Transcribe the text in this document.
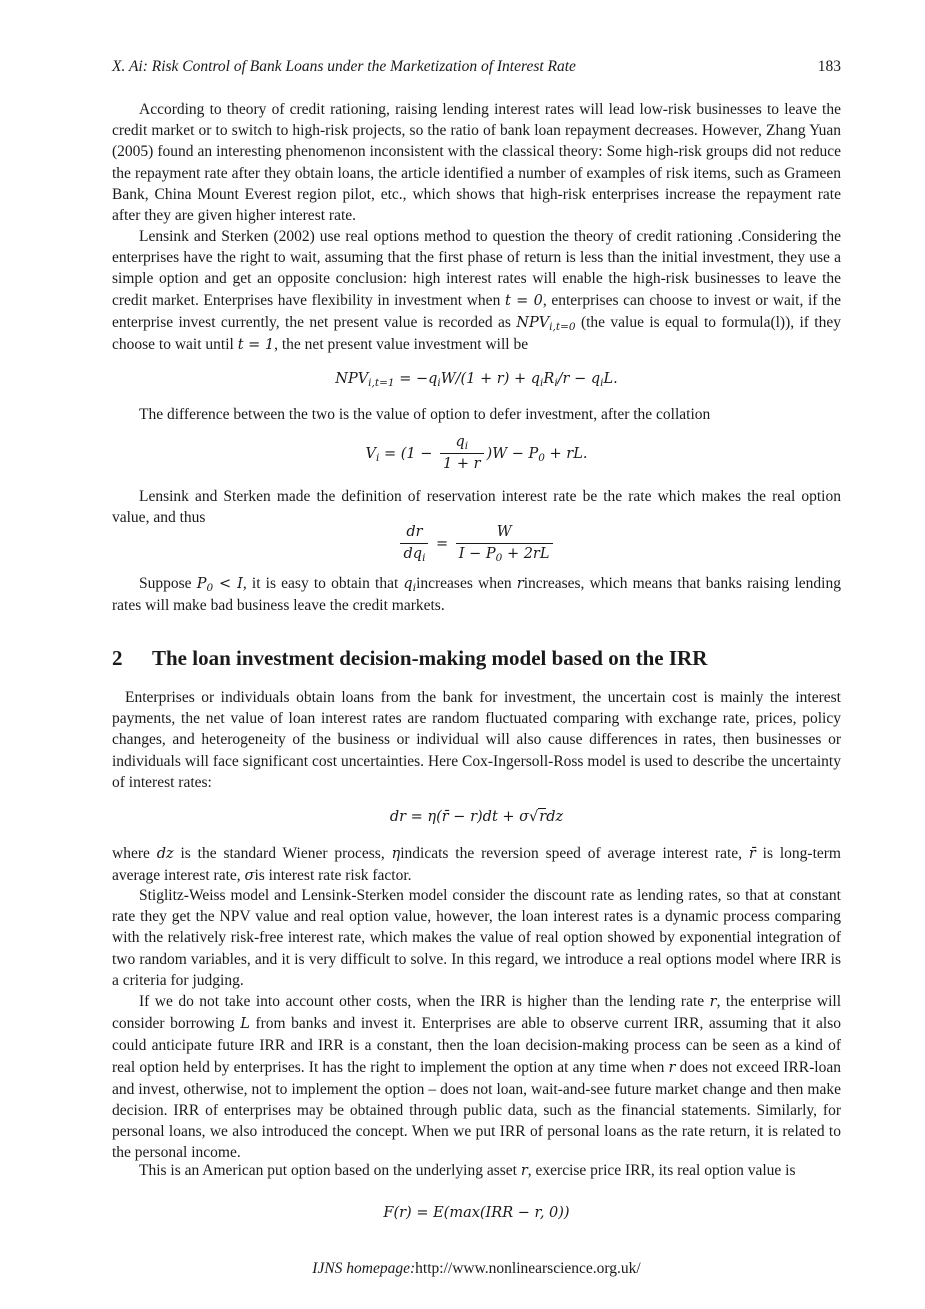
X. Ai: Risk Control of Bank Loans under the Marketization of Interest Rate	183

According to theory of credit rationing, raising lending interest rates will lead low-risk businesses to leave the credit market or to switch to high-risk projects, so the ratio of bank loan repayment decreases. However, Zhang Yuan (2005) found an interesting phenomenon inconsistent with the classical theory: Some high-risk groups did not reduce the repayment rate after they obtain loans, the article identified a number of examples of risk items, such as Grameen Bank, China Mount Everest region pilot, etc., which shows that high-risk enterprises increase the repayment rate after they are given higher interest rate.

Lensink and Sterken (2002) use real options method to question the theory of credit rationing .Considering the enterprises have the right to wait, assuming that the first phase of return is less than the initial investment, they use a simple option and get an opposite conclusion: high interest rates will enable the high-risk businesses to leave the credit market. Enterprises have flexibility in investment when t = 0, enterprises can choose to invest or wait, if the enterprise invest currently, the net present value is recorded as $NPV_{i,t=0}$ (the value is equal to formula(l)), if they choose to wait until t = 1, the net present value investment will be

$NPV_{i,t=1} = -q_iW/(1 + r) + q_iR_i/r - q_iL$.

The difference between the two is the value of option to defer investment, after the collation

$V_i = (1 - \frac{q_i}{1 + r} )W - P_0$ + rL.

Lensink and Sterken made the definition of reservation interest rate be the rate which makes the real option value, and thus

$\frac{dr}{dq_i} = \frac{W}{I - P_0 + 2rL}$

Suppose $P_0 < I$, it is easy to obtain that $q_iincreases$ when rincreases, which means that banks raising lending rates will make bad business leave the credit markets.

2 The loan investment decision-making model based on the IRR

Enterprises or individuals obtain loans from the bank for investment, the uncertain cost is mainly the interest payments, the net value of loan interest rates are random fluctuated comparing with exchange rate, prices, policy changes, and heterogeneity of the business or individual will also cause differences in rates, then businesses or individuals will face significant cost uncertainties. Here Cox-Ingersoll-Ross model is used to describe the uncertainty of interest rates:

dr = η(r̄ − r)dt + σ√rdz

where dz is the standard Wiener process, ηindicats the reversion speed of average interest rate, r̄ is long-term average interest rate, σis interest rate risk factor.

Stiglitz-Weiss model and Lensink-Sterken model consider the discount rate as lending rates, so that at constant rate they get the NPV value and real option value, however, the loan interest rates is a dynamic process comparing with the relatively risk-free interest rate, which makes the value of real option showed by exponential integration of two random variables, and it is very difficult to solve. In this regard, we introduce a real options model where IRR is a criteria for judging.

If we do not take into account other costs, when the IRR is higher than the lending rate r, the enterprise will consider borrowing L from banks and invest it. Enterprises are able to observe current IRR, assuming that it also could anticipate future IRR and IRR is a constant, then the loan decision-making process can be seen as a kind of real option held by enterprises. It has the right to implement the option at any time when r does not exceed IRR-loan and invest, otherwise, not to implement the option – does not loan, wait-and-see future market change and then make decision. IRR of enterprises may be obtained through public data, such as the financial statements. Similarly, for personal loans, we also introduced the concept. When we put IRR of personal loans as the rate return, it is related to the personal income.

This is an American put option based on the underlying asset r, exercise price IRR, its real option value is

F(r) = E(max(IRR − r, 0))
IJNS homepage:http://www.nonlinearscience.org.uk/
